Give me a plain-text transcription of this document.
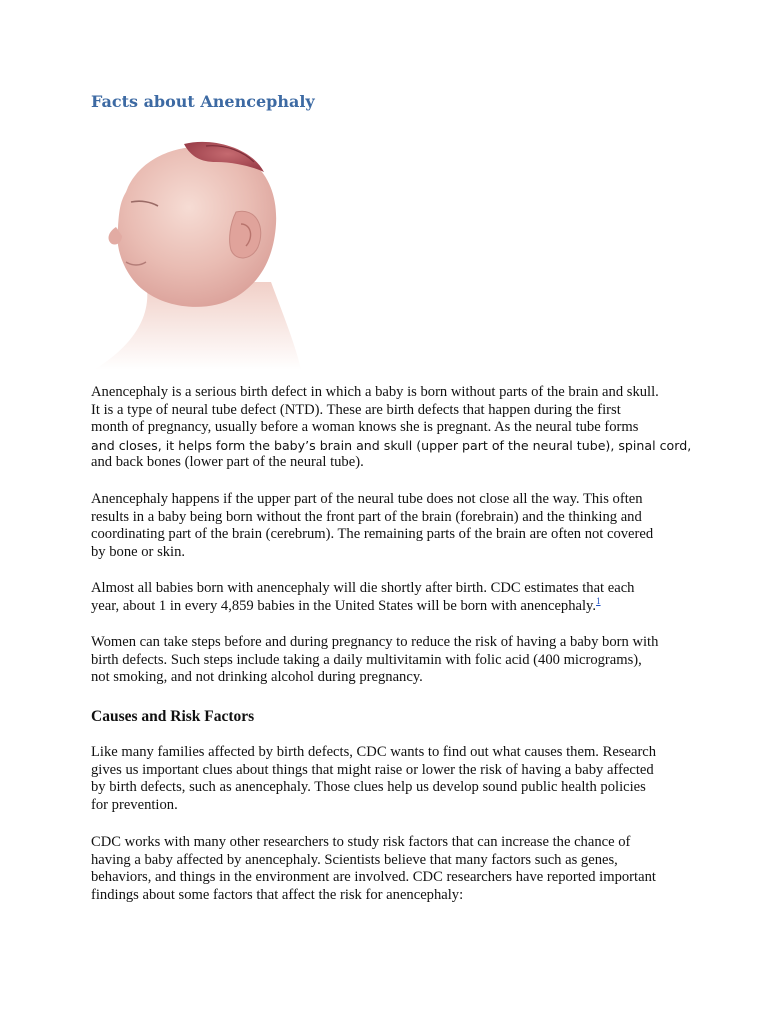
Facts about Anencephaly

Anencephaly is a serious birth defect in which a baby is born without parts of the brain and skull.
It is a type of neural tube defect (NTD). These are birth defects that happen during the first
month of pregnancy, usually before a woman knows she is pregnant. As the neural tube forms
and closes, it helps form the baby’s brain and skull (upper part of the neural tube), spinal cord,
and back bones (lower part of the neural tube).

Anencephaly happens if the upper part of the neural tube does not close all the way. This often
results in a baby being born without the front part of the brain (forebrain) and the thinking and
coordinating part of the brain (cerebrum). The remaining parts of the brain are often not covered
by bone or skin.

Almost all babies born with anencephaly will die shortly after birth. CDC estimates that each
year, about 1 in every 4,859 babies in the United States will be born with anencephaly.$^1$

Women can take steps before and during pregnancy to reduce the risk of having a baby born with
birth defects. Such steps include taking a daily multivitamin with folic acid (400 micrograms),
not smoking, and not drinking alcohol during pregnancy.

Causes and Risk Factors

Like many families affected by birth defects, CDC wants to find out what causes them. Research
gives us important clues about things that might raise or lower the risk of having a baby affected
by birth defects, such as anencephaly. Those clues help us develop sound public health policies
for prevention.

CDC works with many other researchers to study risk factors that can increase the chance of
having a baby affected by anencephaly. Scientists believe that many factors such as genes,
behaviors, and things in the environment are involved. CDC researchers have reported important
findings about some factors that affect the risk for anencephaly:
